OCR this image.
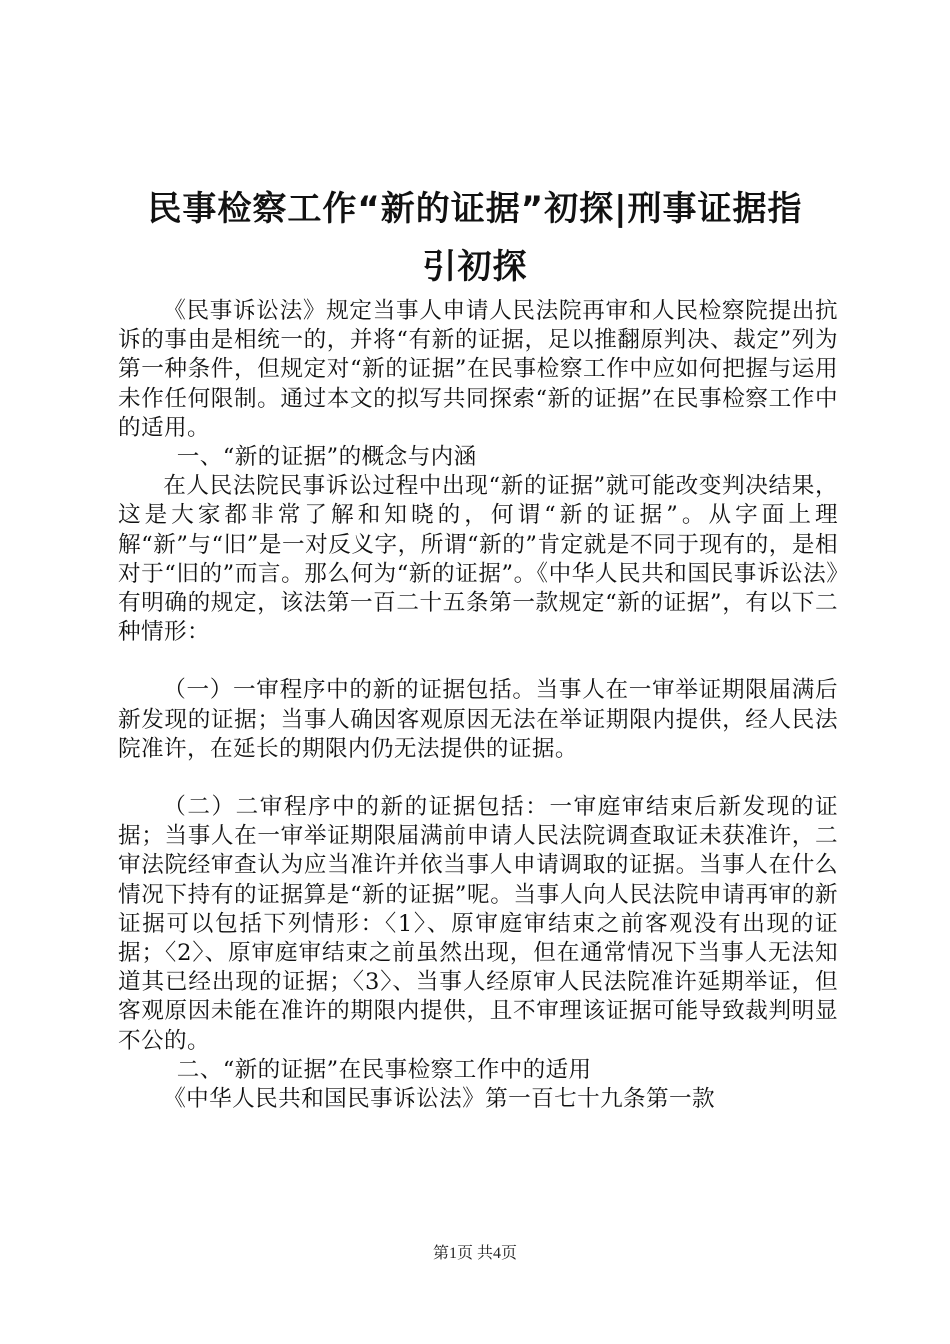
民事检察工作“新的证据”初探|刑事证据指
引初探

《民事诉讼法》规定当事人申请人民法院再审和人民检察院提出抗诉的事由是相统一的，并将“有新的证据，足以推翻原判决、裁定”列为第一种条件，但规定对“新的证据”在民事检察工作中应如何把握与运用未作任何限制。通过本文的拟写共同探索“新的证据”在民事检察工作中的适用。

一、“新的证据”的概念与内涵

在人民法院民事诉讼过程中出现“新的证据”就可能改变判决结果，这是大家都非常了解和知晓的，何谓“新的证据”。从字面上理解“新”与“旧”是一对反义字，所谓“新的”肯定就是不同于现有的，是相对于“旧的”而言。那么何为“新的证据”。《中华人民共和国民事诉讼法》有明确的规定，该法第一百二十五条第一款规定“新的证据”，有以下二种情形：

（一）一审程序中的新的证据包括。当事人在一审举证期限届满后新发现的证据；当事人确因客观原因无法在举证期限内提供，经人民法院准许，在延长的期限内仍无法提供的证据。

（二）二审程序中的新的证据包括：一审庭审结束后新发现的证据；当事人在一审举证期限届满前申请人民法院调查取证未获准许，二审法院经审查认为应当准许并依当事人申请调取的证据。当事人在什么情况下持有的证据算是“新的证据”呢。当事人向人民法院申请再审的新证据可以包括下列情形：〈1〉、原审庭审结束之前客观没有出现的证据；〈2〉、原审庭审结束之前虽然出现，但在通常情况下当事人无法知道其已经出现的证据；〈3〉、当事人经原审人民法院准许延期举证，但客观原因未能在准许的期限内提供，且不审理该证据可能导致裁判明显不公的。

二、“新的证据”在民事检察工作中的适用

《中华人民共和国民事诉讼法》第一百七十九条第一款

第1页 共4页
